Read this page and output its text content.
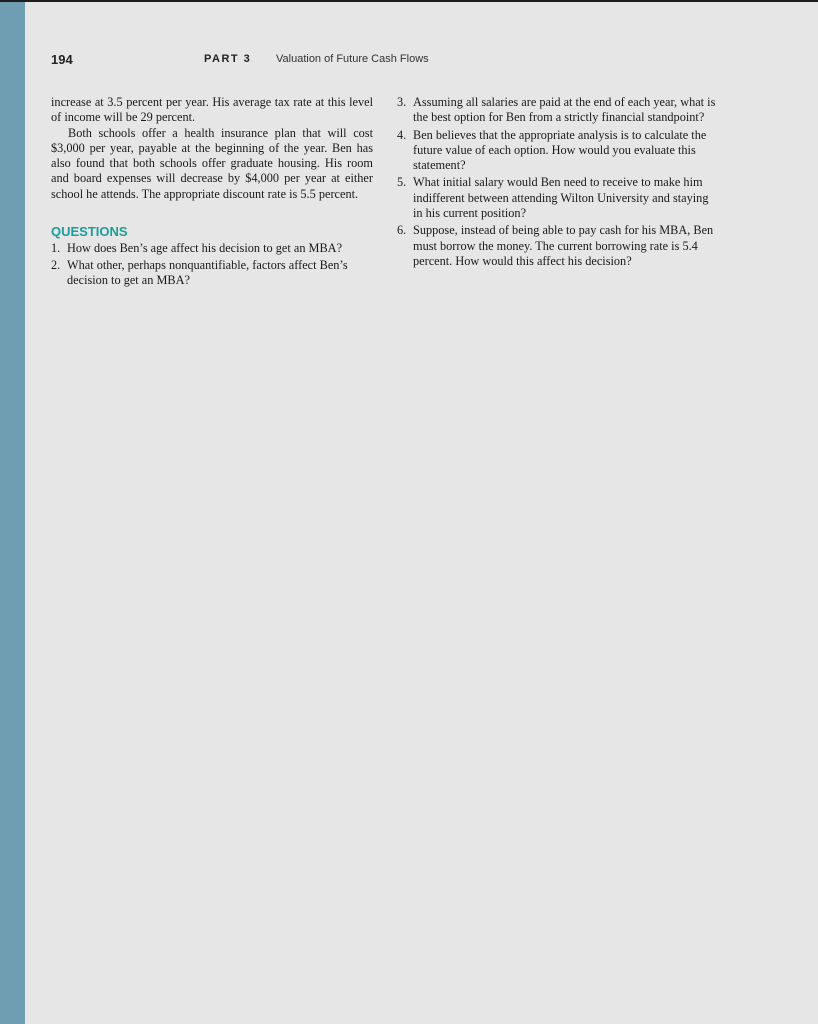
194	PART 3 Valuation of Future Cash Flows

increase at 3.5 percent per year. His average tax rate at this level of income will be 29 percent.

Both schools offer a health insurance plan that will cost $3,000 per year, payable at the beginning of the year. Ben has also found that both schools offer graduate housing. His room and board expenses will decrease by $4,000 per year at either school he attends. The appropriate discount rate is 5.5 percent.

QUESTIONS
1. How does Ben’s age affect his decision to get an MBA?
2. What other, perhaps nonquantifiable, factors affect Ben’s decision to get an MBA?
3. Assuming all salaries are paid at the end of each year, what is the best option for Ben from a strictly financial standpoint?
4. Ben believes that the appropriate analysis is to calculate the future value of each option. How would you evaluate this statement?
5. What initial salary would Ben need to receive to make him indifferent between attending Wilton University and staying in his current position?
6. Suppose, instead of being able to pay cash for his MBA, Ben must borrow the money. The current borrowing rate is 5.4 percent. How would this affect his decision?
